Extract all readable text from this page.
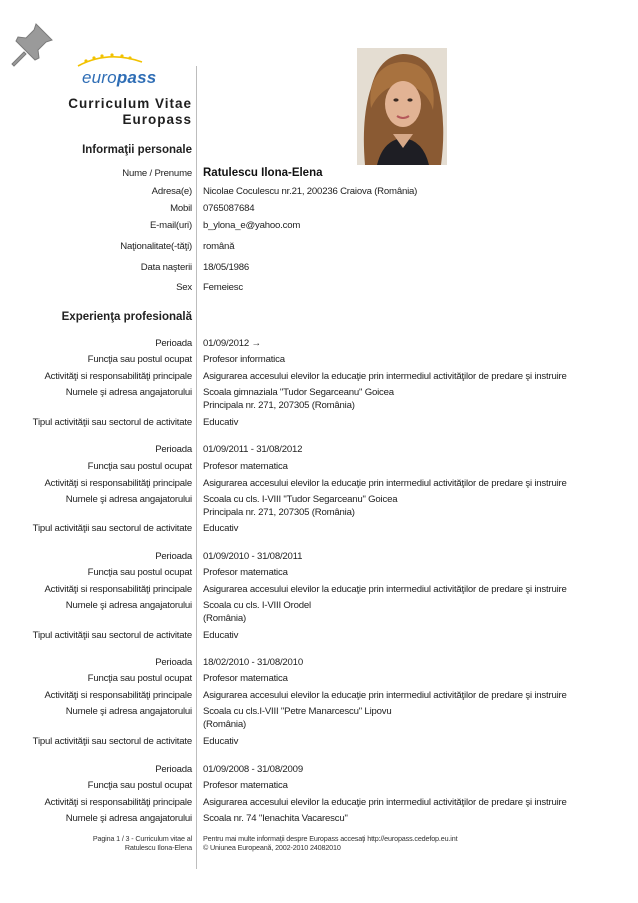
europass
Curriculum Vitae
Europass
Informaţii personale
Nume / Prenume Ratulescu Ilona-Elena
Adresa(e) Nicolae Coculescu nr.21, 200236 Craiova (România)
Mobil 0765087684
E-mail(uri) b_ylona_e@yahoo.com
Naţionalitate(-tăţi) română
Data naşterii 18/05/1986
Sex Femeiesc
Experienţa profesională
Perioada 01/09/2012 →
Funcţia sau postul ocupat Profesor informatica
Activităţi si responsabilităţi principale Asigurarea accesului elevilor la educaţie prin intermediul activităţilor de predare şi instruire
Numele şi adresa angajatorului Scoala gimnaziala "Tudor Segarceanu" Goicea
Principala nr. 271, 207305 (România)
Tipul activităţii sau sectorul de activitate Educativ
Perioada 01/09/2011 - 31/08/2012
Funcţia sau postul ocupat Profesor matematica
Activităţi si responsabilităţi principale Asigurarea accesului elevilor la educaţie prin intermediul activităţilor de predare şi instruire
Numele şi adresa angajatorului Scoala cu cls. I-VIII "Tudor Segarceanu" Goicea
Principala nr. 271, 207305 (România)
Tipul activităţii sau sectorul de activitate Educativ
Perioada 01/09/2010 - 31/08/2011
Funcţia sau postul ocupat Profesor matematica
Activităţi si responsabilităţi principale Asigurarea accesului elevilor la educaţie prin intermediul activităţilor de predare şi instruire
Numele şi adresa angajatorului Scoala cu cls. I-VIII Orodel
(România)
Tipul activităţii sau sectorul de activitate Educativ
Perioada 18/02/2010 - 31/08/2010
Funcţia sau postul ocupat Profesor matematica
Activităţi si responsabilităţi principale Asigurarea accesului elevilor la educaţie prin intermediul activităţilor de predare şi instruire
Numele şi adresa angajatorului Scoala cu cls.I-VIII "Petre Manarcescu" Lipovu
(România)
Tipul activităţii sau sectorul de activitate Educativ
Perioada 01/09/2008 - 31/08/2009
Funcţia sau postul ocupat Profesor matematica
Activităţi si responsabilităţi principale Asigurarea accesului elevilor la educaţie prin intermediul activităţilor de predare şi instruire
Numele şi adresa angajatorului Scoala nr. 74 "Ienachita Vacarescu"
Pagina 1 / 3 - Curriculum vitae al
Ratulescu Ilona-Elena
Pentru mai multe informaţii despre Europass accesaţi http://europass.cedefop.eu.int
© Uniunea Europeană, 2002-2010 24082010
